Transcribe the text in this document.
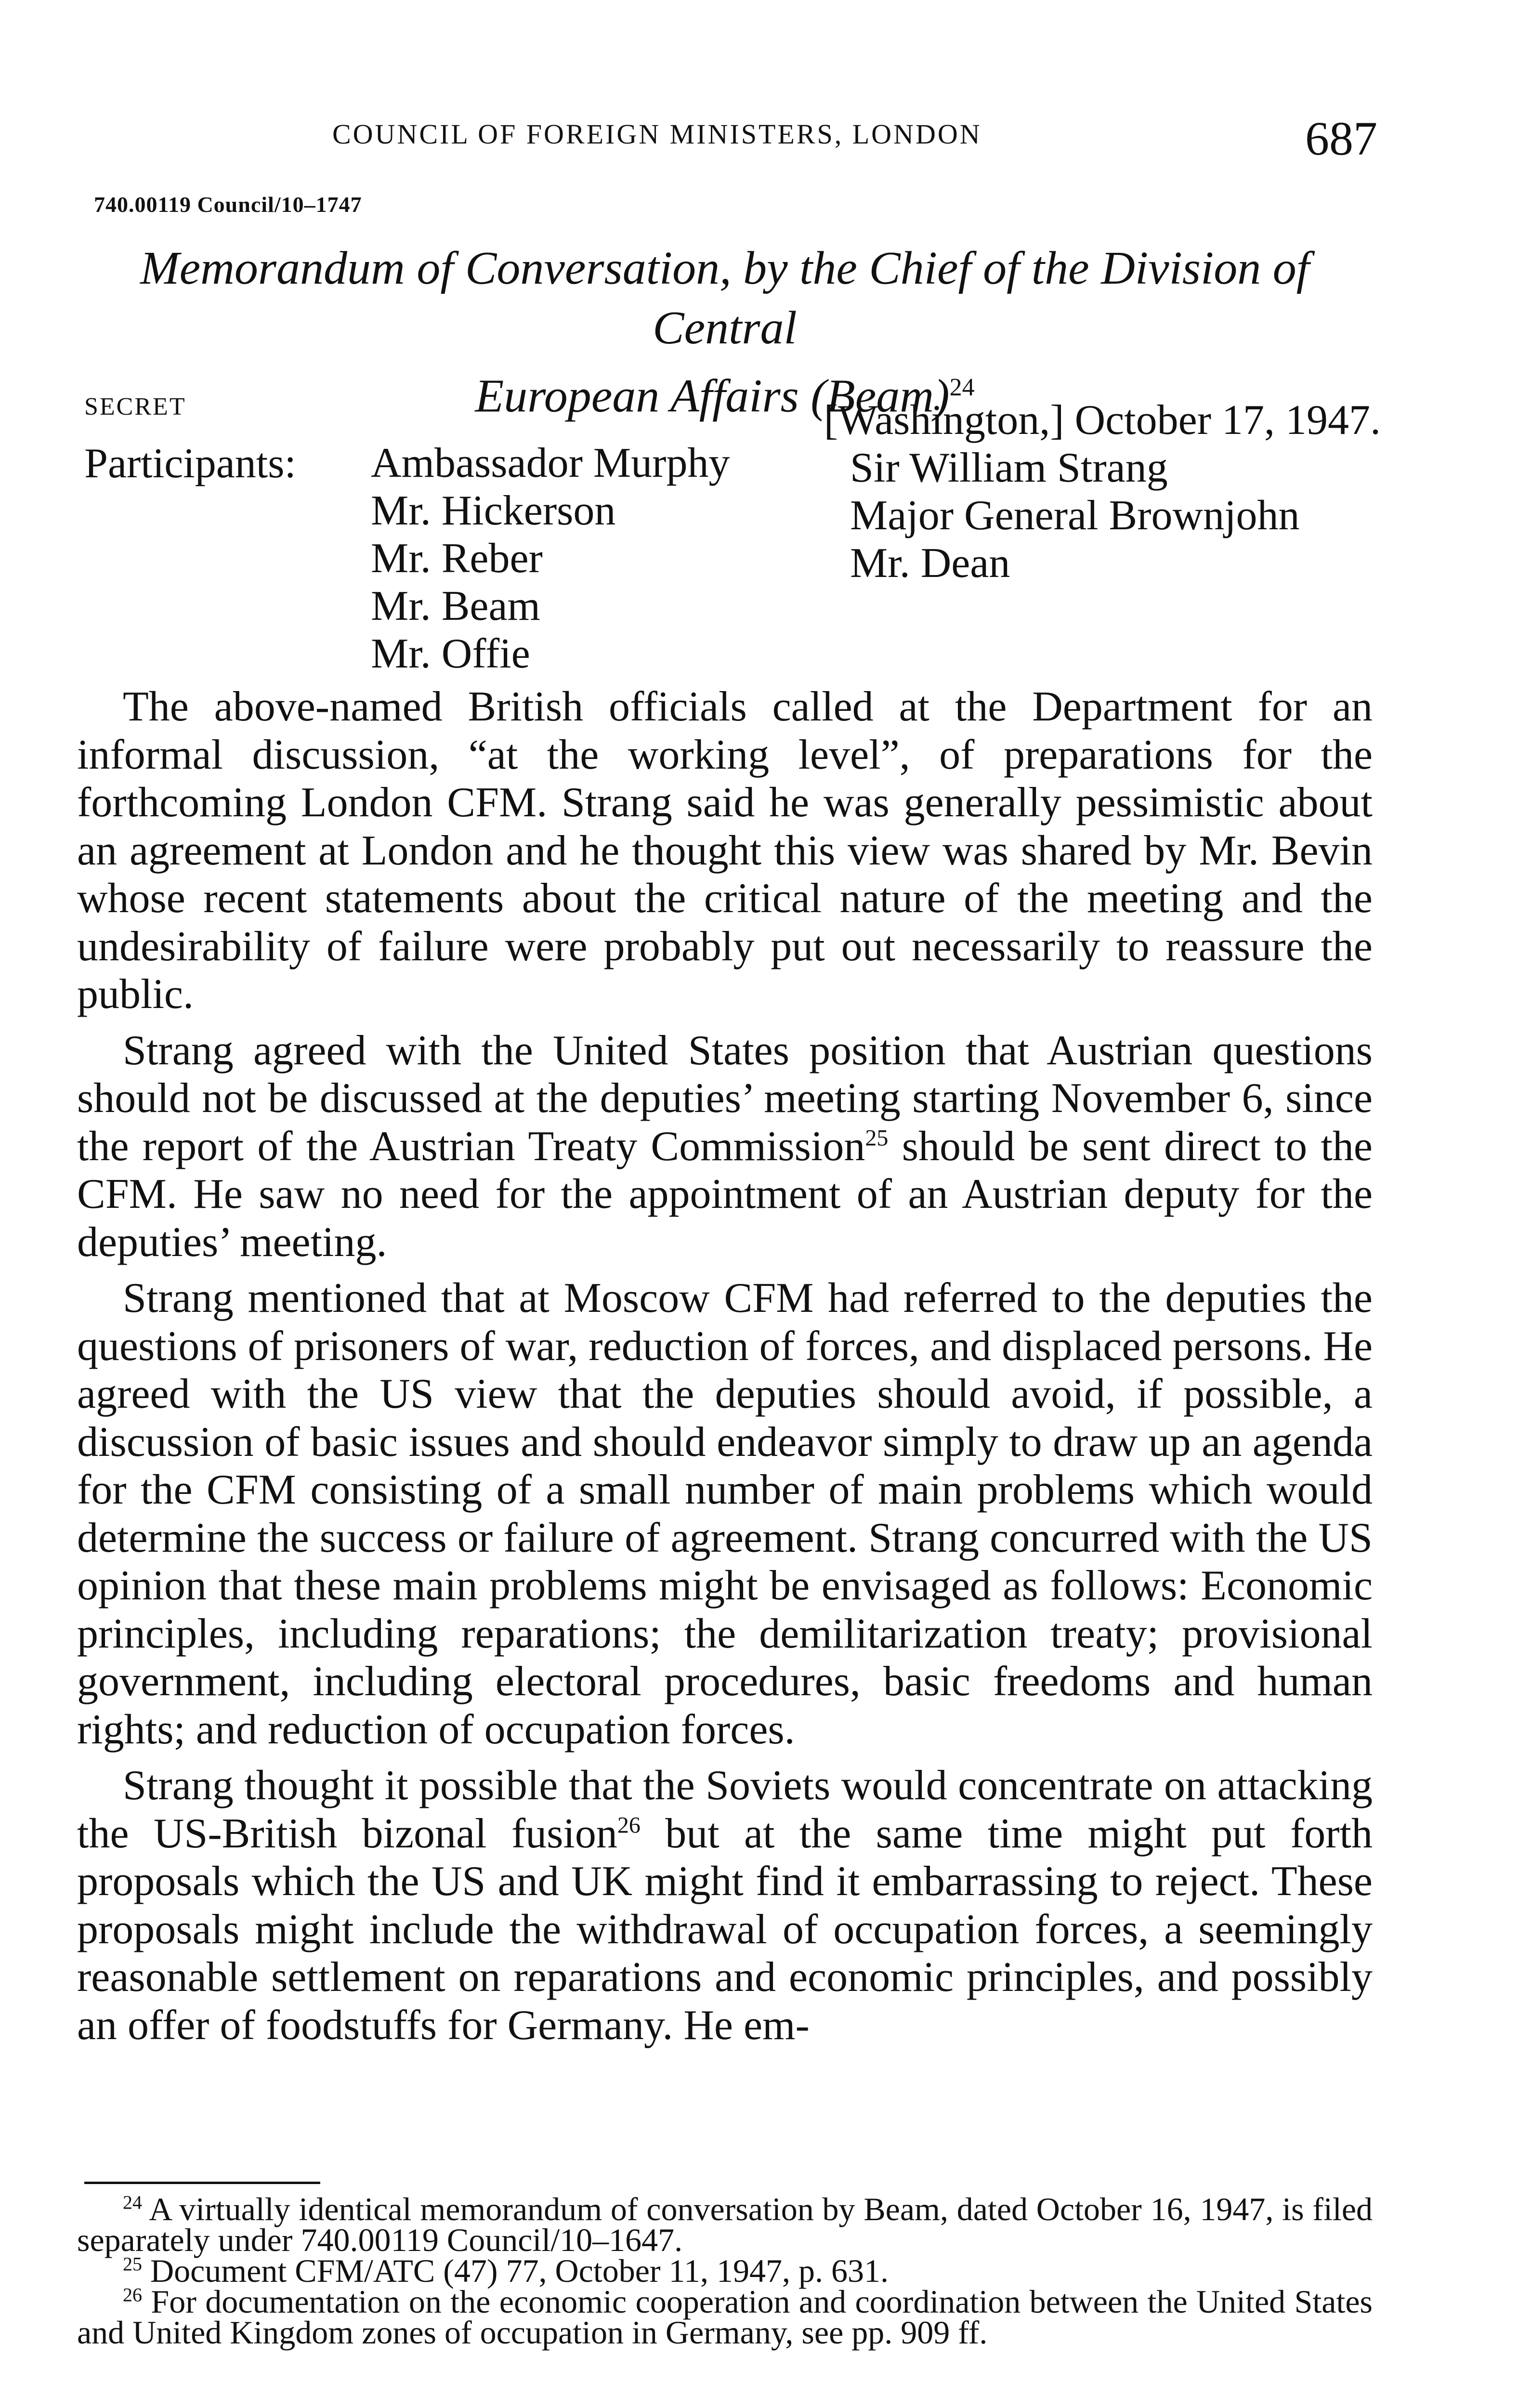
COUNCIL OF FOREIGN MINISTERS, LONDON	687
740.00119 Council/10–1747
Memorandum of Conversation, by the Chief of the Division of Central
European Affairs (Beam)$^{24}$
SECRET	[Washington,] October 17, 1947.
Participants: Ambassador Murphy
Mr. Hickerson
Mr. Reber
Mr. Beam
Mr. Offie
Sir William Strang
Major General Brownjohn
Mr. Dean

The above-named British officials called at the Department for an informal discussion, “at the working level”, of preparations for the forthcoming London CFM. Strang said he was generally pessimistic about an agreement at London and he thought this view was shared by Mr. Bevin whose recent statements about the critical nature of the meeting and the undesirability of failure were probably put out necessarily to reassure the public.

Strang agreed with the United States position that Austrian questions should not be discussed at the deputies’ meeting starting November 6, since the report of the Austrian Treaty Commission$^{25}$ should be sent direct to the CFM. He saw no need for the appointment of an Austrian deputy for the deputies’ meeting.

Strang mentioned that at Moscow CFM had referred to the deputies the questions of prisoners of war, reduction of forces, and displaced persons. He agreed with the US view that the deputies should avoid, if possible, a discussion of basic issues and should endeavor simply to draw up an agenda for the CFM consisting of a small number of main problems which would determine the success or failure of agreement. Strang concurred with the US opinion that these main problems might be envisaged as follows: Economic principles, including reparations; the demilitarization treaty; provisional government, including electoral procedures, basic freedoms and human rights; and reduction of occupation forces.

Strang thought it possible that the Soviets would concentrate on attacking the US-British bizonal fusion$^{26}$ but at the same time might put forth proposals which the US and UK might find it embarrassing to reject. These proposals might include the withdrawal of occupation forces, a seemingly reasonable settlement on reparations and economic principles, and possibly an offer of foodstuffs for Germany. He em-

$^{24}$ A virtually identical memorandum of conversation by Beam, dated October 16, 1947, is filed separately under 740.00119 Council/10–1647.

$^{25}$ Document CFM/ATC (47) 77, October 11, 1947, p. 631.

$^{26}$ For documentation on the economic cooperation and coordination between the United States and United Kingdom zones of occupation in Germany, see pp. 909 ff.
